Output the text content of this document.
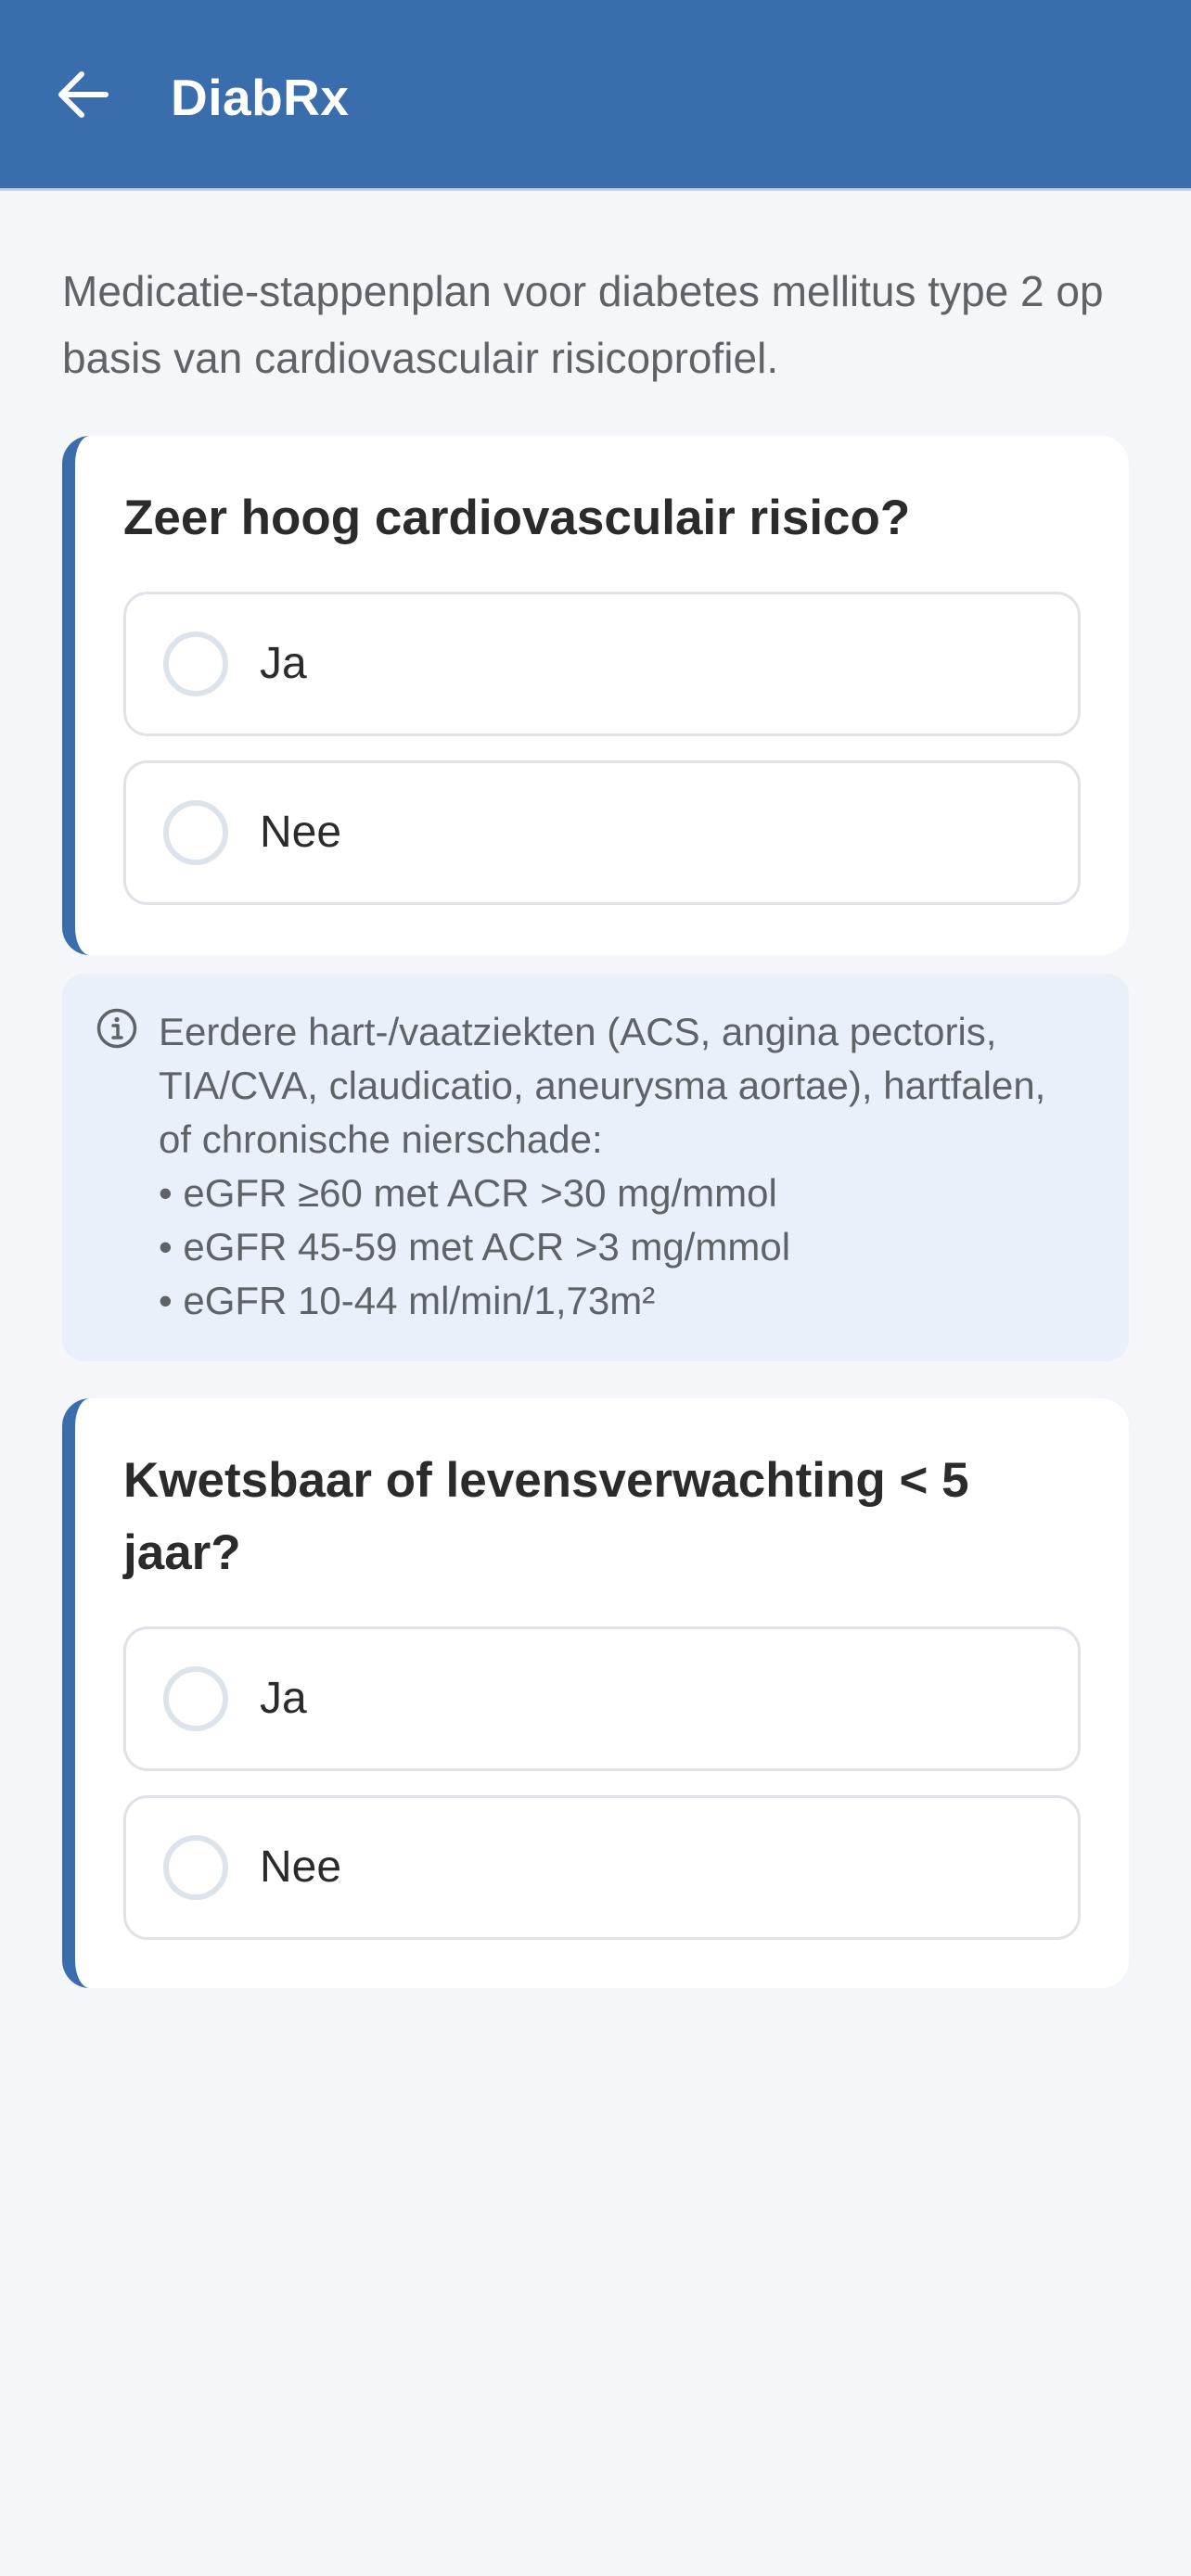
DiabRx

Medicatie-stappenplan voor diabetes mellitus type 2 op basis van cardiovasculair risicoprofiel.

Zeer hoog cardiovasculair risico?
Ja
Nee
Eerdere hart-/vaatziekten (ACS, angina pectoris,
TIA/CVA, claudicatio, aneurysma aortae), hartfalen,
of chronische nierschade:
• eGFR ≥60 met ACR >30 mg/mmol
• eGFR 45-59 met ACR >3 mg/mmol
• eGFR 10-44 ml/min/1,73m²
Kwetsbaar of levensverwachting < 5 jaar?
Ja
Nee
